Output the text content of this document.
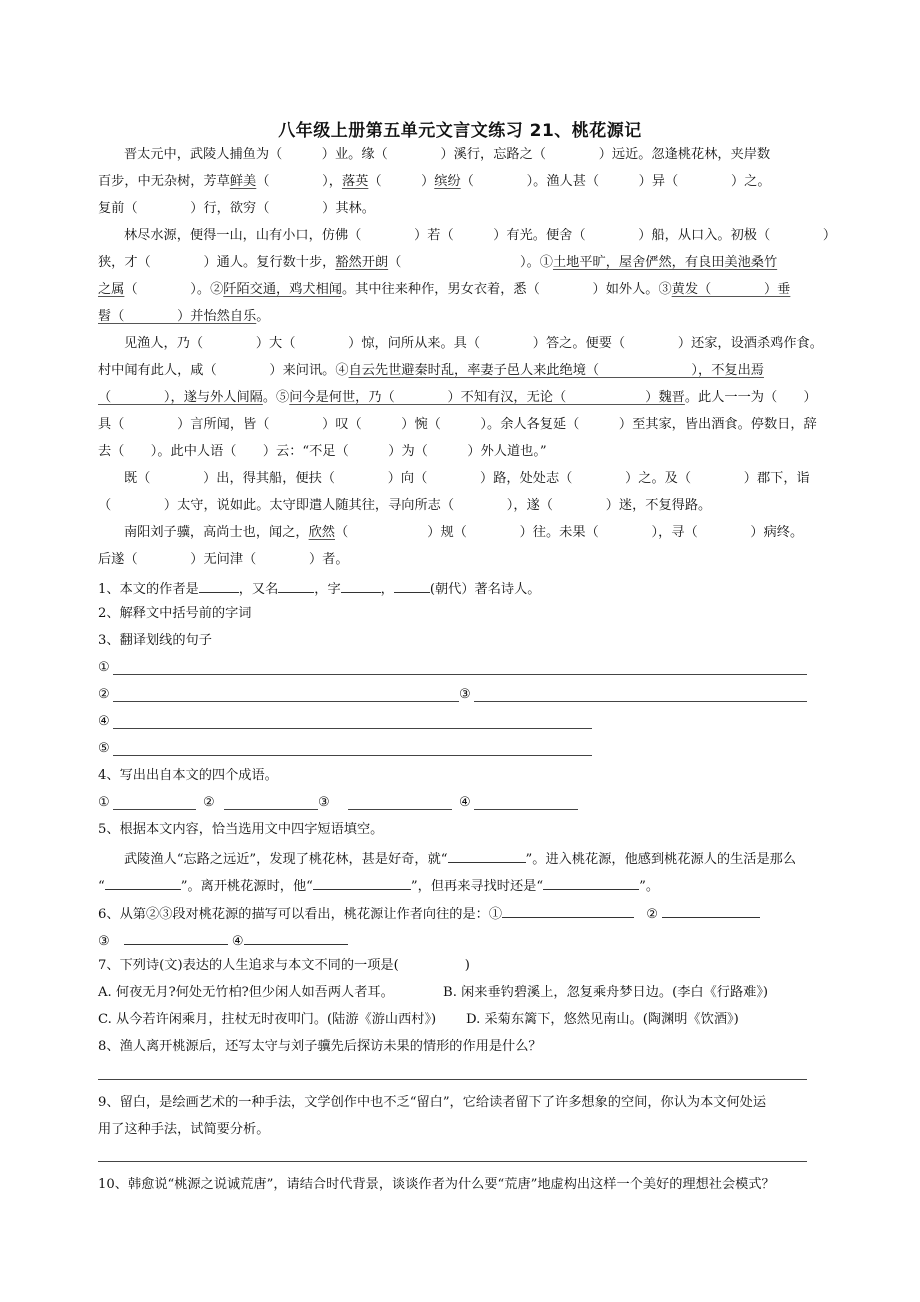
八年级上册第五单元文言文练习 21、桃花源记
晋太元中，武陵人捕鱼为（　　　）业。缘（　　　　）溪行，忘路之（　　　　）远近。忽逢桃花林，夹岸数
百步，中无杂树，芳草鲜美（　　　　），落英（　　　）缤纷（　　　　）。渔人甚（　　　）异（　　　　）之。
复前（　　　　）行，欲穷（　　　　）其林。
林尽水源，便得一山，山有小口，仿佛（　　　　）若（　　　）有光。便舍（　　　　）船，从口入。初极（　　　　）
狭，才（　　　　）通人。复行数十步，豁然开朗（　　　　　　　　　）。①土地平旷，屋舍俨然，有良田美池桑竹
之属（　　　　）。②阡陌交通，鸡犬相闻。其中往来种作，男女衣着，悉（　　　　）如外人。③黄发（　　　　）垂
髫（　　　　）并怡然自乐。
见渔人，乃（　　　　）大（　　　　）惊，问所从来。具（　　　　）答之。便要（　　　　）还家，设酒杀鸡作食。
村中闻有此人，咸（　　　　）来问讯。④自云先世避秦时乱，率妻子邑人来此绝境（　　　　　　　），不复出焉
（　　　　），遂与外人间隔。⑤问今是何世，乃（　　　　）不知有汉，无论（　　　　　　）魏晋。此人一一为（　　）
具（　　　　）言所闻，皆（　　　　）叹（　　　）惋（　　　）。余人各复延（　　　）至其家，皆出酒食。停数日，辞
去（　　）。此中人语（　　）云：“不足（　　　）为（　　　）外人道也。”
既（　　　　）出，得其船，便扶（　　　　）向（　　　　）路，处处志（　　　　）之。及（　　　　）郡下，诣
（　　　　）太守，说如此。太守即遣人随其往，寻向所志（　　　　），遂（　　　　）迷，不复得路。
南阳刘子骥，高尚士也，闻之，欣然（　　　　　　）规（　　　　）往。未果（　　　　），寻（　　　　）病终。
后遂（　　　　）无问津（　　　　）者。
1、本文的作者是	，又名	，字	，	(朝代）著名诗人。
2、解释文中括号前的字词
3、翻译划线的句子
①
②	③
④
⑤
4、写出出自本文的四个成语。
①	②	③	④
5、根据本文内容，恰当选用文中四字短语填空。
武陵渔人“忘路之远近”，发现了桃花林，甚是好奇，就“	”。进入桃花源，他感到桃花源人的生活是那么
“	”。离开桃花源时，他“	”，但再来寻找时还是“	”。
6、从第②③段对桃花源的描写可以看出，桃花源让作者向往的是：①	②
③	④
7、下列诗(文)表达的人生追求与本文不同的一项是(　　　　　)
A. 何夜无月?何处无竹柏?但少闲人如吾两人者耳。	B. 闲来垂钓碧溪上，忽复乘舟梦日边。(李白《行路难》)
C. 从今若许闲乘月，拄杖无时夜叩门。(陆游《游山西村》)	D. 采菊东篱下，悠然见南山。(陶渊明《饮酒》)
8、渔人离开桃源后，还写太守与刘子骥先后探访未果的情形的作用是什么？
9、留白，是绘画艺术的一种手法，文学创作中也不乏“留白”，它给读者留下了许多想象的空间，你认为本文何处运
用了这种手法，试简要分析。
10、韩愈说“桃源之说诚荒唐”，请结合时代背景，谈谈作者为什么要“荒唐”地虚构出这样一个美好的理想社会模式？
